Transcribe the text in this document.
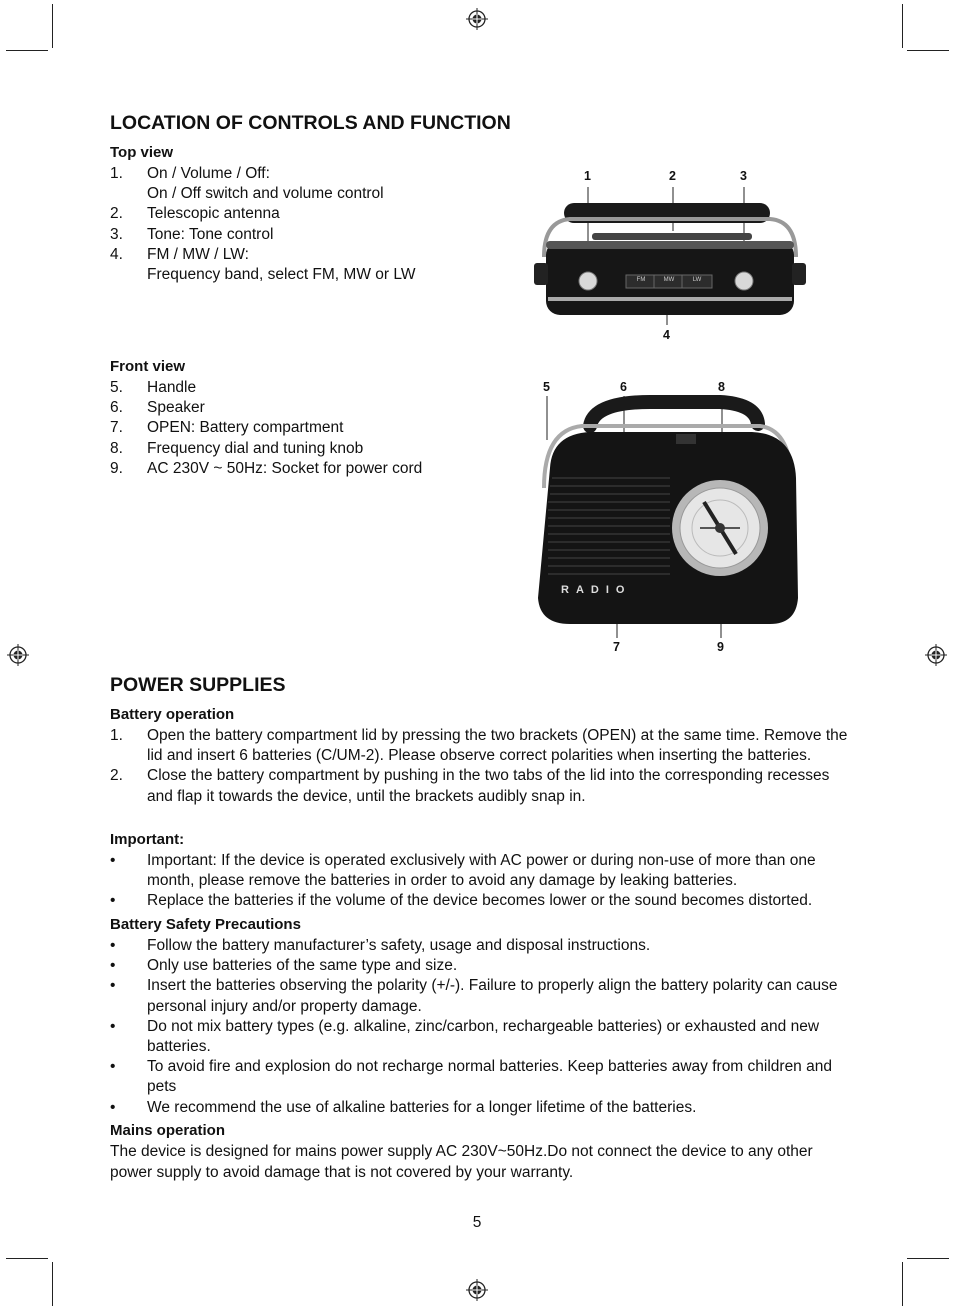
LOCATION OF CONTROLS AND FUNCTION
Top view
1. On / Volume / Off:
On / Off switch and volume control
2. Telescopic antenna
3. Tone: Tone control
4. FM / MW / LW:
Frequency band, select FM, MW or LW
1	2	3
4
FM	MW	LW
Front view
5. Handle
6. Speaker
7. OPEN: Battery compartment
8. Frequency dial and tuning knob
9. AC 230V ~ 50Hz: Socket for power cord
5	6	8
7	9
RADIO
POWER SUPPLIES
Battery operation
1. Open the battery compartment lid by pressing the two brackets (OPEN) at the same time. Remove the lid and insert 6 batteries (C/UM-2). Please observe correct polarities when inserting the batteries.
2. Close the battery compartment by pushing in the two tabs of the lid into the corresponding recesses and flap it towards the device, until the brackets audibly snap in.
Important:
• Important: If the device is operated exclusively with AC power or during non-use of more than one month, please remove the batteries in order to avoid any damage by leaking batteries.
• Replace the batteries if the volume of the device becomes lower or the sound becomes distorted.
Battery Safety Precautions
• Follow the battery manufacturer’s safety, usage and disposal instructions.
• Only use batteries of the same type and size.
• Insert the batteries observing the polarity (+/-). Failure to properly align the battery polarity can cause personal injury and/or property damage.
• Do not mix battery types (e.g. alkaline, zinc/carbon, rechargeable batteries) or exhausted and new batteries.
• To avoid fire and explosion do not recharge normal batteries. Keep batteries away from children and pets
• We recommend the use of alkaline batteries for a longer lifetime of the batteries.
Mains operation

The device is designed for mains power supply AC 230V~50Hz.Do not connect the device to any other power supply to avoid damage that is not covered by your warranty.

5
